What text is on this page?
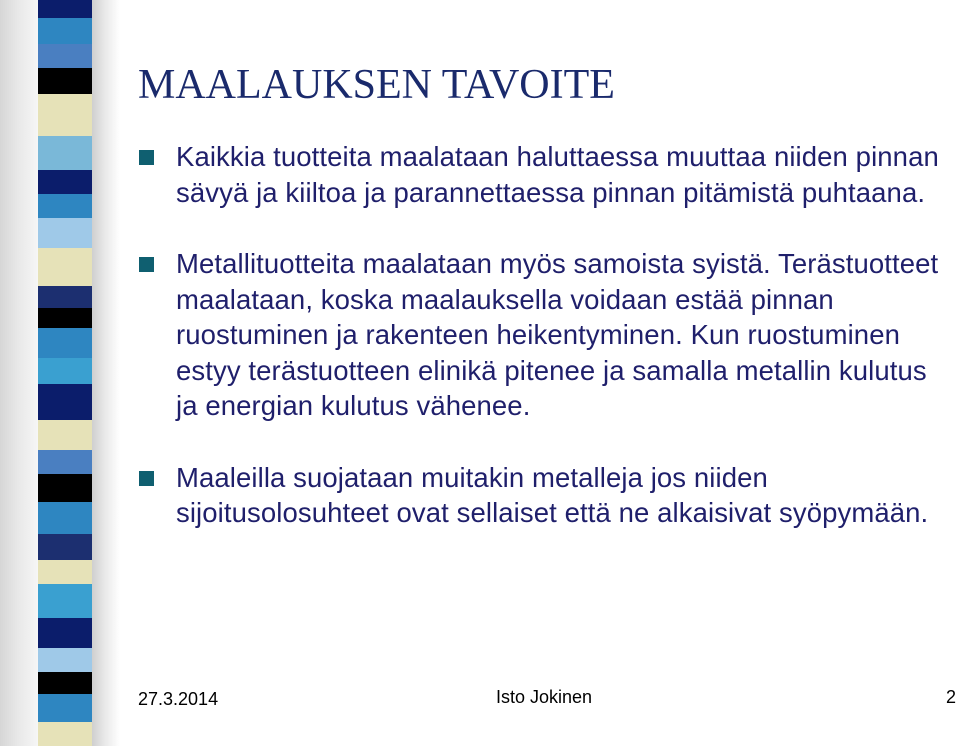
MAALAUKSEN TAVOITE
Kaikkia tuotteita maalataan haluttaessa muuttaa niiden pinnan sävyä ja kiiltoa ja parannettaessa pinnan pitämistä puhtaana.
Metallituotteita maalataan myös samoista syistä. Terästuotteet maalataan, koska maalauksella voidaan estää pinnan ruostuminen ja rakenteen heikentyminen. Kun ruostuminen estyy terästuotteen elinikä pitenee ja samalla metallin kulutus ja energian kulutus vähenee.
Maaleilla suojataan muitakin metalleja jos niiden sijoitusolosuhteet ovat sellaiset että ne alkaisivat syöpymään.
27.3.2014	Isto Jokinen	2
